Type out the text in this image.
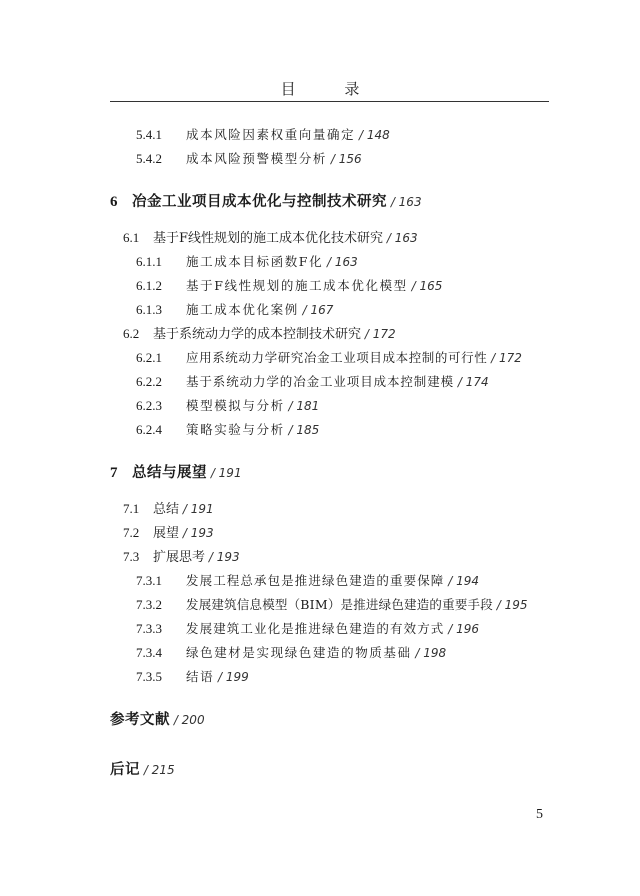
目 录
5.4.1 成本风险因素权重向量确定 / 148
5.4.2 成本风险预警模型分析 / 156
6 冶金工业项目成本优化与控制技术研究 / 163
6.1 基于F线性规划的施工成本优化技术研究 / 163
6.1.1 施工成本目标函数F化 / 163
6.1.2 基于F线性规划的施工成本优化模型 / 165
6.1.3 施工成本优化案例 / 167
6.2 基于系统动力学的成本控制技术研究 / 172
6.2.1 应用系统动力学研究冶金工业项目成本控制的可行性 / 172
6.2.2 基于系统动力学的冶金工业项目成本控制建模 / 174
6.2.3 模型模拟与分析 / 181
6.2.4 策略实验与分析 / 185
7 总结与展望 / 191
7.1 总结 / 191
7.2 展望 / 193
7.3 扩展思考 / 193
7.3.1 发展工程总承包是推进绿色建造的重要保障 / 194
7.3.2 发展建筑信息模型（BIM）是推进绿色建造的重要手段 / 195
7.3.3 发展建筑工业化是推进绿色建造的有效方式 / 196
7.3.4 绿色建材是实现绿色建造的物质基础 / 198
7.3.5 结语 / 199
参考文献 / 200
后记 / 215
5
